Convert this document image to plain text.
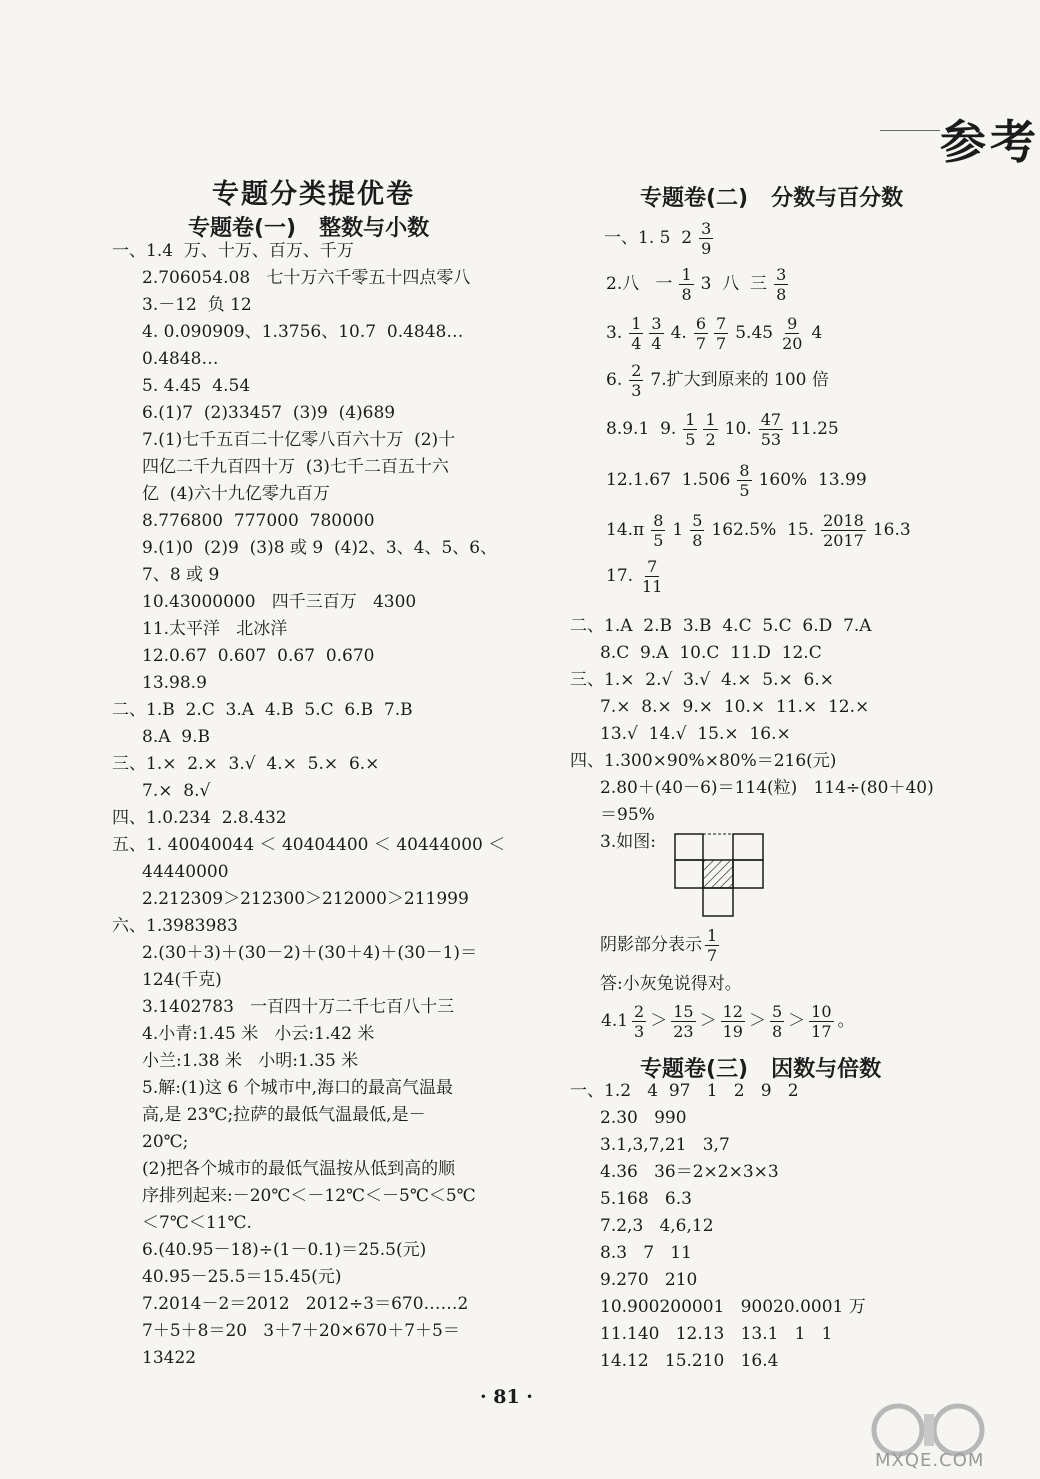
参考
专题分类提优卷
专题卷(一)   整数与小数
一、1.4  万、十万、百万、千万
2.706054.08   七十万六千零五十四点零八
3.－12  负 12
4. 0.090909、1.3756、10.7  0.4848…
0.4848…
5. 4.45  4.54
6.(1)7  (2)33457  (3)9  (4)689
7.(1)七千五百二十亿零八百六十万  (2)十
四亿二千九百四十万  (3)七千二百五十六
亿  (4)六十九亿零九百万
8.776800  777000  780000
9.(1)0  (2)9  (3)8 或 9  (4)2、3、4、5、6、
7、8 或 9
10.43000000   四千三百万   4300
11.太平洋   北冰洋
12.0.67  0.607  0.67  0.670
13.98.9
二、1.B  2.C  3.A  4.B  5.C  6.B  7.B
8.A  9.B
三、1.×  2.×  3.√  4.×  5.×  6.×
7.×  8.√
四、1.0.234  2.8.432
五、1. 40040044 ＜ 40404400 ＜ 40444000 ＜
44440000
2.212309＞212300＞212000＞211999
六、1.3983983
2.(30＋3)＋(30－2)＋(30＋4)＋(30－1)＝
124(千克)
3.1402783   一百四十万二千七百八十三
4.小青:1.45 米   小云:1.42 米
小兰:1.38 米   小明:1.35 米
5.解:(1)这 6 个城市中,海口的最高气温最
高,是 23℃;拉萨的最低气温最低,是－
20℃;
(2)把各个城市的最低气温按从低到高的顺
序排列起来:－20℃＜－12℃＜－5℃＜5℃
＜7℃＜11℃.
6.(40.95－18)÷(1－0.1)＝25.5(元)
40.95－25.5＝15.45(元)
7.2014－2＝2012   2012÷3＝670……2
7＋5＋8＝20   3＋7＋20×670＋7＋5＝
13422
专题卷(二)   分数与百分数
一、1. 5  $2 \frac{3}{9}$
2.八   一 $\frac{1}{8} 3$  八  三 $\frac{3}{8}$
3. $\frac{1}{4} \frac{3}{4} 4$. $\frac{6}{7} \frac{7}{7} 5.45 \frac{9}{20} 4$
6. $\frac{2}{3} 7$.扩大到原来的 100 倍
8.9.1  9. $\frac{1}{5} \frac{1}{2} 10$. $\frac{47}{53} 11.25$
12.1.67  $1.506 \frac{8}{5} 160\%$  13.99
$14.\pi \frac{8}{5} 1 \frac{5}{8} 162.5\%$  15. $\frac{2018}{2017} 16.3$
17. $\frac{7}{11}$
二、1.A  2.B  3.B  4.C  5.C  6.D  7.A
8.C  9.A  10.C  11.D  12.C
三、1.×  2.√  3.√  4.×  5.×  6.×
7.×  8.×  9.×  10.×  11.×  12.×
13.√  14.√  15.×  16.×
四、1.300×90%×80%＝216(元)
2.80＋(40－6)＝114(粒)   114÷(80＋40)
＝95%
3.如图:
阴影部分表示 $\frac{1}{7}$
答:小灰兔说得对。
$4.1 \frac{2}{3} > \frac{15}{23} > \frac{12}{19} > \frac{5}{8} > \frac{10}{17}$ 。
专题卷(三)   因数与倍数
一、1.2   4  97   1   2   9   2
2.30   990
3.1,3,7,21   3,7
4.36   36＝2×2×3×3
5.168   6.3
7.2,3   4,6,12
8.3   7   11
9.270   210
10.900200001   90020.0001 万
11.140   12.13   13.1   1   1
14.12   15.210   16.4
· 81 ·
MXQE.COM
